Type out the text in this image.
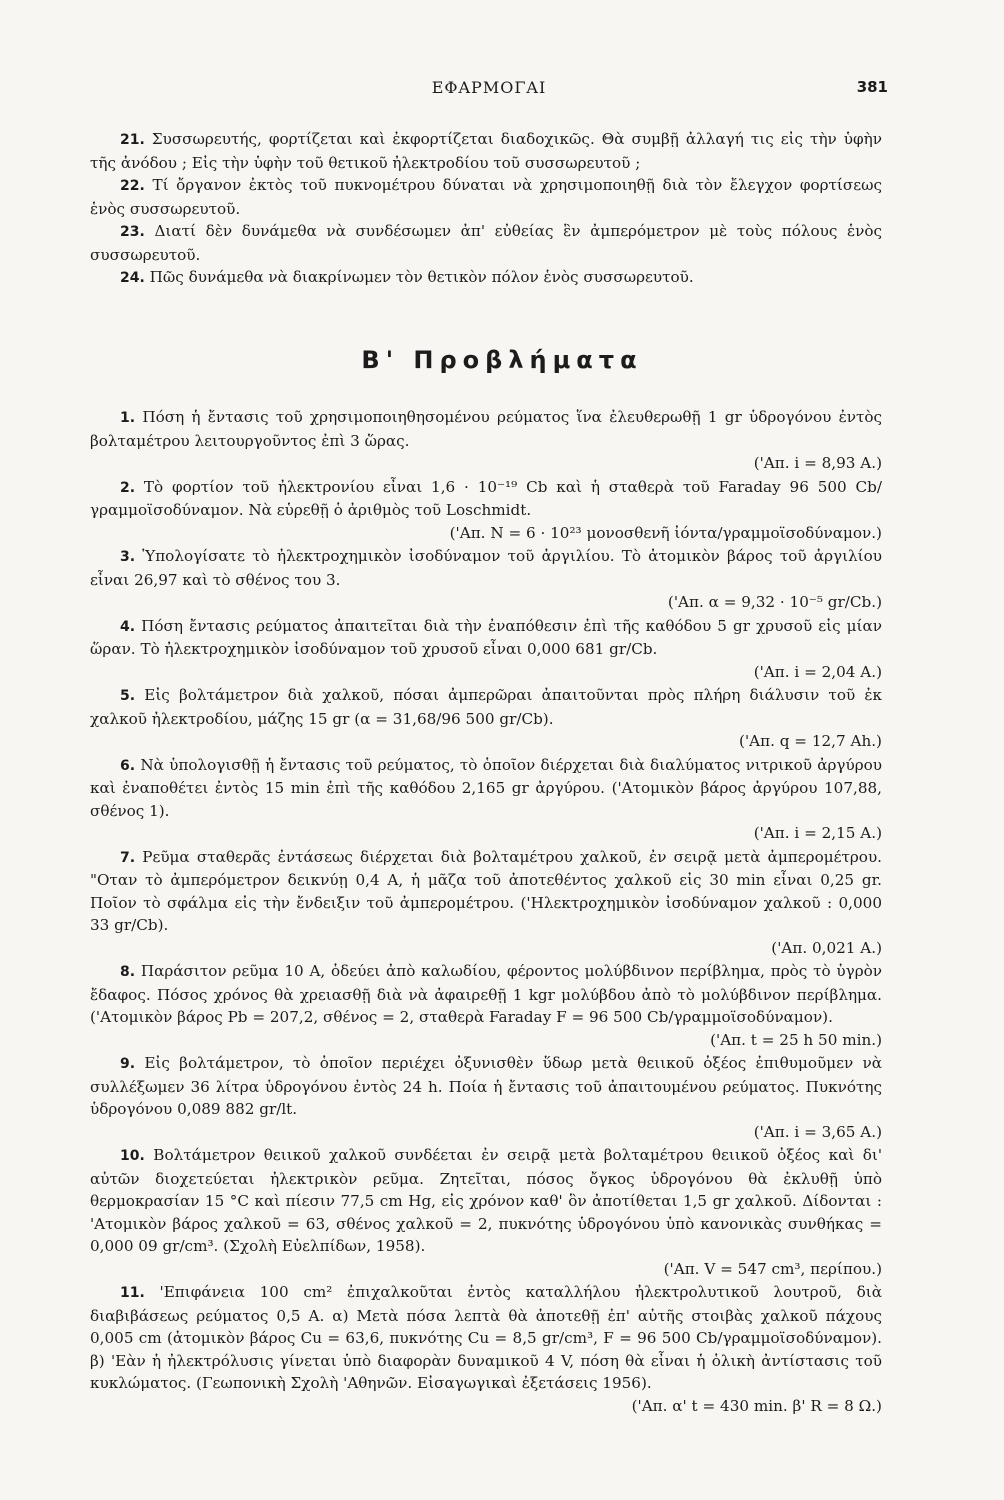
ΕΦΑΡΜΟΓΑΙ	381

21. Συσσωρευτής, φορτίζεται καὶ ἐκφορτίζεται διαδοχικῶς. Θὰ συμβῇ ἀλλαγή τις εἰς τὴν ὑφὴν τῆς ἀνόδου ; Εἰς τὴν ὑφὴν τοῦ θετικοῦ ἠλεκτροδίου τοῦ συσσωρευτοῦ ;

22. Τί ὄργανον ἐκτὸς τοῦ πυκνομέτρου δύναται νὰ χρησιμοποιηθῇ διὰ τὸν ἔλεγχον φορτίσεως ἑνὸς συσσωρευτοῦ.

23. Διατί δὲν δυνάμεθα νὰ συνδέσωμεν ἀπ' εὐθείας ἓν ἀμπερόμετρον μὲ τοὺς πόλους ἑνὸς συσσωρευτοῦ.

24. Πῶς δυνάμεθα νὰ διακρίνωμεν τὸν θετικὸν πόλον ἑνὸς συσσωρευτοῦ.

Β' Προβλήματα

1. Πόση ἡ ἔντασις τοῦ χρησιμοποιηθησομένου ρεύματος ἵνα ἐλευθερωθῇ 1 gr ὑδρογόνου ἐντὸς βολταμέτρου λειτουργοῦντος ἐπὶ 3 ὥρας.
('Απ. i = 8,93 A.)

2. Τὸ φορτίον τοῦ ἠλεκτρονίου εἶναι 1,6 · 10⁻¹⁹ Cb καὶ ἡ σταθερὰ τοῦ Faraday 96 500 Cb/γραμμοϊσοδύναμον. Νὰ εὑρεθῇ ὁ ἀριθμὸς τοῦ Loschmidt.
('Απ. N = 6 · 10²³ μονοσθενῆ ἰόντα/γραμμοϊσοδύναμον.)

3. Ὑπολογίσατε τὸ ἠλεκτροχημικὸν ἰσοδύναμον τοῦ ἀργιλίου. Τὸ ἀτομικὸν βάρος τοῦ ἀργιλίου εἶναι 26,97 καὶ τὸ σθένος του 3.
('Απ. α = 9,32 · 10⁻⁵ gr/Cb.)

4. Πόση ἔντασις ρεύματος ἀπαιτεῖται διὰ τὴν ἐναπόθεσιν ἐπὶ τῆς καθόδου 5 gr χρυσοῦ εἰς μίαν ὥραν. Τὸ ἠλεκτροχημικὸν ἰσοδύναμον τοῦ χρυσοῦ εἶναι 0,000 681 gr/Cb.
('Απ. i = 2,04 A.)

5. Εἰς βολτάμετρον διὰ χαλκοῦ, πόσαι ἀμπερῶραι ἀπαιτοῦνται πρὸς πλήρη διάλυσιν τοῦ ἐκ χαλκοῦ ἠλεκτροδίου, μάζης 15 gr (α = 31,68/96 500 gr/Cb).
('Απ. q = 12,7 Ah.)

6. Νὰ ὑπολογισθῇ ἡ ἔντασις τοῦ ρεύματος, τὸ ὁποῖον διέρχεται διὰ διαλύματος νιτρικοῦ ἀργύρου καὶ ἐναποθέτει ἐντὸς 15 min ἐπὶ τῆς καθόδου 2,165 gr ἀργύρου. ('Ατομικὸν βάρος ἀργύρου 107,88, σθένος 1).
('Απ. i = 2,15 A.)

7. Ρεῦμα σταθερᾶς ἐντάσεως διέρχεται διὰ βολταμέτρου χαλκοῦ, ἐν σειρᾷ μετὰ ἀμπερομέτρου. "Οταν τὸ ἀμπερόμετρον δεικνύῃ 0,4 A, ἡ μᾶζα τοῦ ἀποτεθέντος χαλκοῦ εἰς 30 min εἶναι 0,25 gr. Ποῖον τὸ σφάλμα εἰς τὴν ἔνδειξιν τοῦ ἀμπερομέτρου. ('Ηλεκτροχημικὸν ἰσοδύναμον χαλκοῦ : 0,000 33 gr/Cb).
('Απ. 0,021 A.)

8. Παράσιτον ρεῦμα 10 A, ὁδεύει ἀπὸ καλωδίου, φέροντος μολύβδινον περίβλημα, πρὸς τὸ ὑγρὸν ἔδαφος. Πόσος χρόνος θὰ χρειασθῇ διὰ νὰ ἀφαιρεθῇ 1 kgr μολύβδου ἀπὸ τὸ μολύβδινον περίβλημα. ('Ατομικὸν βάρος Pb = 207,2, σθένος = 2, σταθερὰ Faraday F = 96 500 Cb/γραμμοϊσοδύναμον).
('Απ. t = 25 h 50 min.)

9. Εἰς βολτάμετρον, τὸ ὁποῖον περιέχει ὀξυνισθὲν ὕδωρ μετὰ θειικοῦ ὀξέος ἐπιθυμοῦμεν νὰ συλλέξωμεν 36 λίτρα ὑδρογόνου ἐντὸς 24 h. Ποία ἡ ἔντασις τοῦ ἀπαιτουμένου ρεύματος. Πυκνότης ὑδρογόνου 0,089 882 gr/lt.
('Απ. i = 3,65 A.)

10. Βολτάμετρον θειικοῦ χαλκοῦ συνδέεται ἐν σειρᾷ μετὰ βολταμέτρου θειικοῦ ὀξέος καὶ δι' αὐτῶν διοχετεύεται ἠλεκτρικὸν ρεῦμα. Ζητεῖται, πόσος ὄγκος ὑδρογόνου θὰ ἐκλυθῇ ὑπὸ θερμοκρασίαν 15 °C καὶ πίεσιν 77,5 cm Hg, εἰς χρόνον καθ' ὃν ἀποτίθεται 1,5 gr χαλκοῦ. Δίδονται : 'Ατομικὸν βάρος χαλκοῦ = 63, σθένος χαλκοῦ = 2, πυκνότης ὑδρογόνου ὑπὸ κανονικὰς συνθήκας = 0,000 09 gr/cm³. (Σχολὴ Εὐελπίδων, 1958).
('Απ. V = 547 cm³, περίπου.)

11. 'Επιφάνεια 100 cm² ἐπιχαλκοῦται ἐντὸς καταλλήλου ἠλεκτρολυτικοῦ λουτροῦ, διὰ διαβιβάσεως ρεύματος 0,5 A. α) Μετὰ πόσα λεπτὰ θὰ ἀποτεθῇ ἐπ' αὐτῆς στοιβὰς χαλκοῦ πάχους 0,005 cm (ἀτομικὸν βάρος Cu = 63,6, πυκνότης Cu = 8,5 gr/cm³, F = 96 500 Cb/γραμμοϊσοδύναμον). β) 'Εὰν ἡ ἠλεκτρόλυσις γίνεται ὑπὸ διαφορὰν δυναμικοῦ 4 V, πόση θὰ εἶναι ἡ ὁλικὴ ἀντίστασις τοῦ κυκλώματος. (Γεωπονικὴ Σχολὴ 'Αθηνῶν. Εἰσαγωγικαὶ ἐξετάσεις 1956).
('Απ. α' t = 430 min. β' R = 8 Ω.)
